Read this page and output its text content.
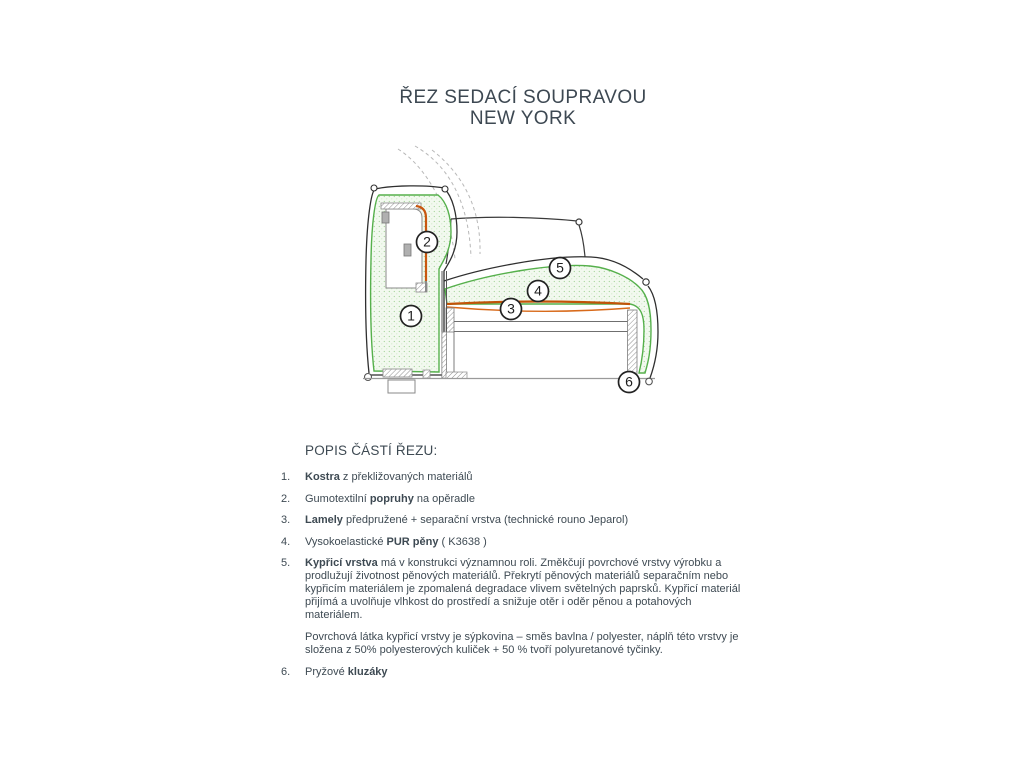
ŘEZ SEDACÍ SOUPRAVOU
NEW YORK
1
2
3
4
5
6
POPIS ČÁSTÍ ŘEZU:
1.	Kostra z překližovaných materiálů

2.	Gumotextilní popruhy na opěradle

3.	Lamely předpružené + separační vrstva (technické rouno Jeparol)

4.	Vysokoelastické PUR pěny ( K3638 )

5.	Kypřicí vrstva má v konstrukci významnou roli. Změkčují povrchové vrstvy výrobku a prodlužují životnost pěnových materiálů. Překrytí pěnových materiálů separačním nebo kypřicím materiálem je zpomalená degradace vlivem světelných paprsků. Kypřicí materiál přijímá a uvolňuje vlhkost do prostředí a snižuje otěr i oděr pěnou a potahových materiálem.

Povrchová látka kypřicí vrstvy je sýpkovina – směs bavlna / polyester, náplň této vrstvy je složena z 50% polyesterových kuliček + 50 % tvoří polyuretanové tyčinky.

6.	Pryžové kluzáky
